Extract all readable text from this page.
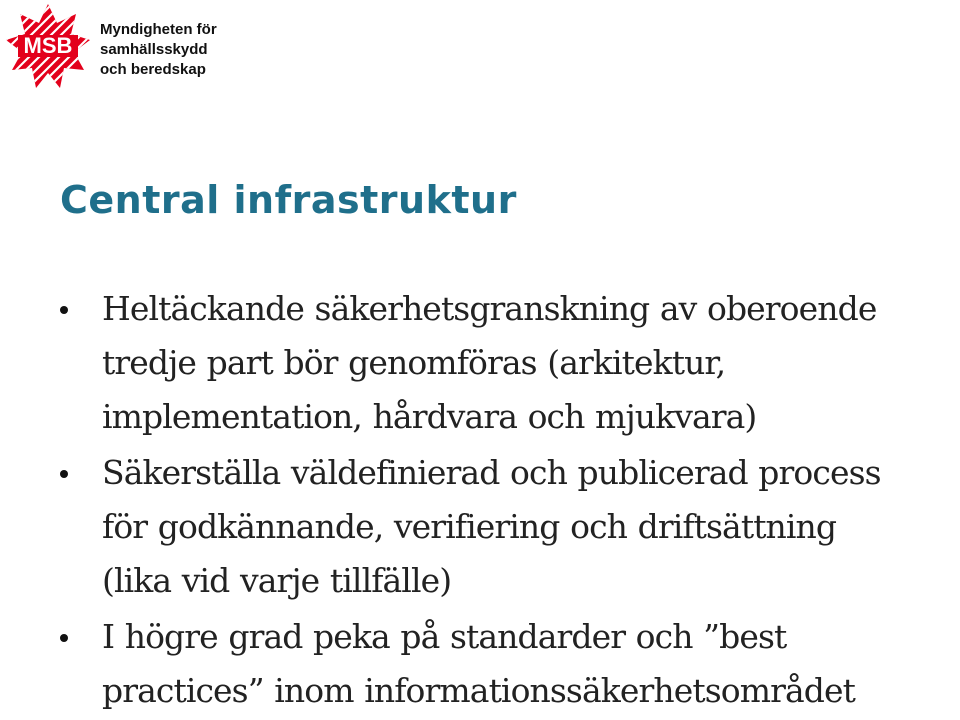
MSB
Myndigheten för
samhällsskydd
och beredskap
Central infrastruktur
Heltäckande säkerhetsgranskning av oberoende
tredje part bör genomföras (arkitektur,
implementation, hårdvara och mjukvara)
Säkerställa väldefinierad och publicerad process
för godkännande, verifiering och driftsättning
(lika vid varje tillfälle)
I högre grad peka på standarder och ”best
practices” inom informationssäkerhetsområdet
